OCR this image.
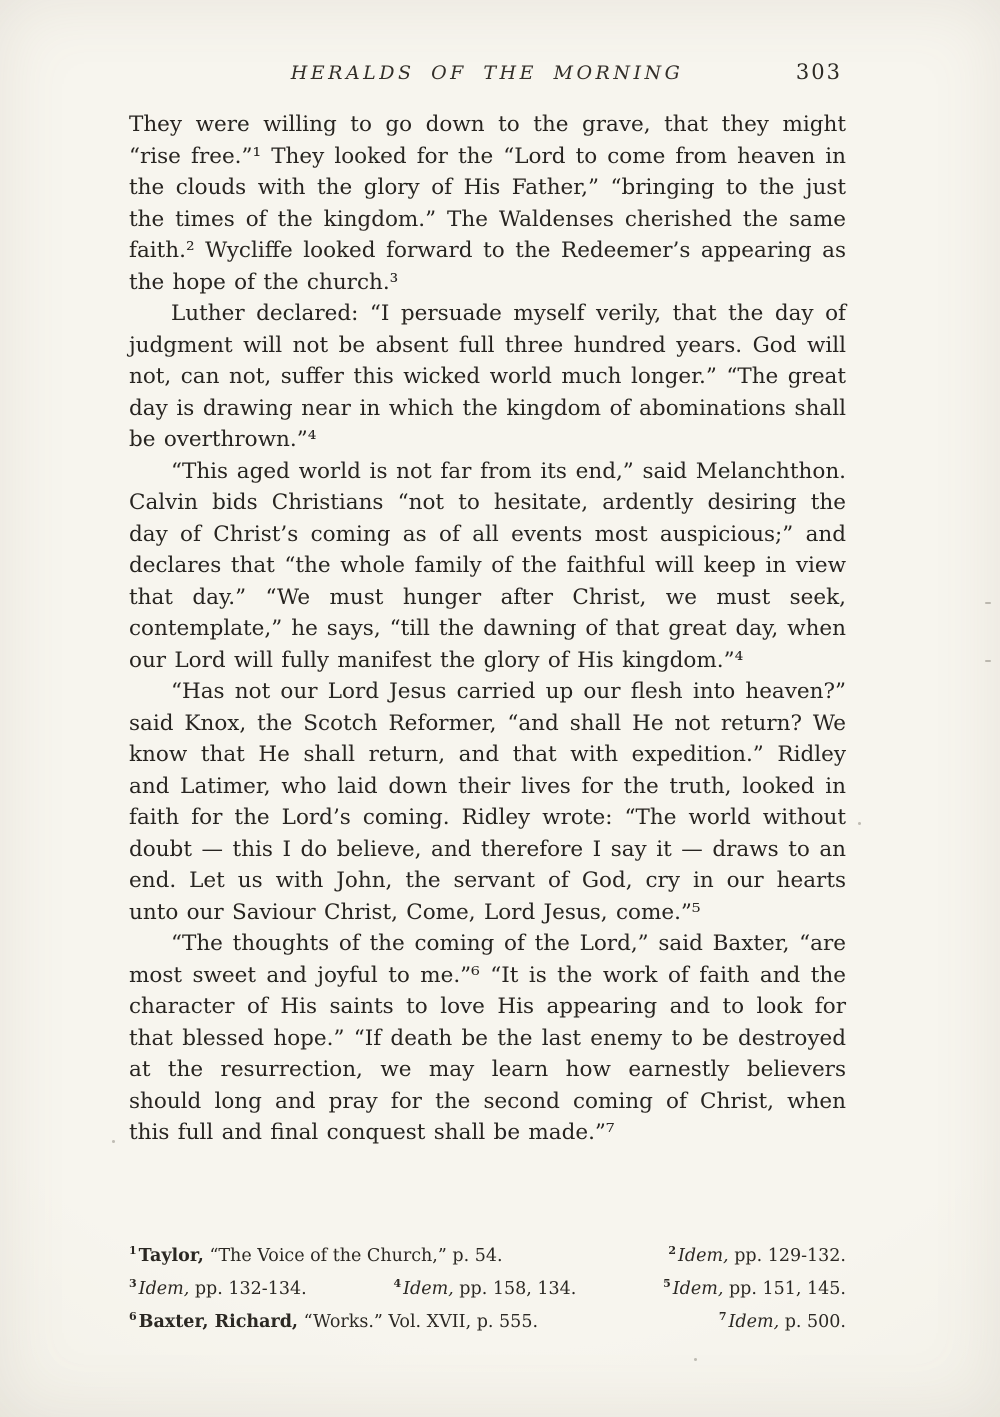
HERALDS OF THE MORNING	303

They were willing to go down to the grave, that they might “rise free.”¹ They looked for the “Lord to come from heaven in the clouds with the glory of His Father,” “bringing to the just the times of the kingdom.” The Waldenses cherished the same faith.² Wycliffe looked forward to the Redeemer’s appearing as the hope of the church.³

Luther declared: “I persuade myself verily, that the day of judgment will not be absent full three hundred years. God will not, can not, suffer this wicked world much longer.” “The great day is drawing near in which the kingdom of abominations shall be overthrown.”⁴

“This aged world is not far from its end,” said Melanchthon. Calvin bids Christians “not to hesitate, ardently desiring the day of Christ’s coming as of all events most auspicious;” and declares that “the whole family of the faithful will keep in view that day.” “We must hunger after Christ, we must seek, contemplate,” he says, “till the dawning of that great day, when our Lord will fully manifest the glory of His kingdom.”⁴

“Has not our Lord Jesus carried up our flesh into heaven?” said Knox, the Scotch Reformer, “and shall He not return? We know that He shall return, and that with expedition.” Ridley and Latimer, who laid down their lives for the truth, looked in faith for the Lord’s coming. Ridley wrote: “The world without doubt — this I do believe, and therefore I say it — draws to an end. Let us with John, the servant of God, cry in our hearts unto our Saviour Christ, Come, Lord Jesus, come.”⁵

“The thoughts of the coming of the Lord,” said Baxter, “are most sweet and joyful to me.”⁶ “It is the work of faith and the character of His saints to love His appearing and to look for that blessed hope.” “If death be the last enemy to be destroyed at the resurrection, we may learn how earnestly believers should long and pray for the second coming of Christ, when this full and final conquest shall be made.”⁷

$^1$ Taylor, “The Voice of the Church,” p. 54.	$^2$ Idem, pp. 129-132.
$^3$ Idem, pp. 132-134.	$^4$ Idem, pp. 158, 134.	$^5$ Idem, pp. 151, 145.
$^6$ Baxter, Richard, “Works.” Vol. XVII, p. 555.	$^7$ Idem, p. 500.
